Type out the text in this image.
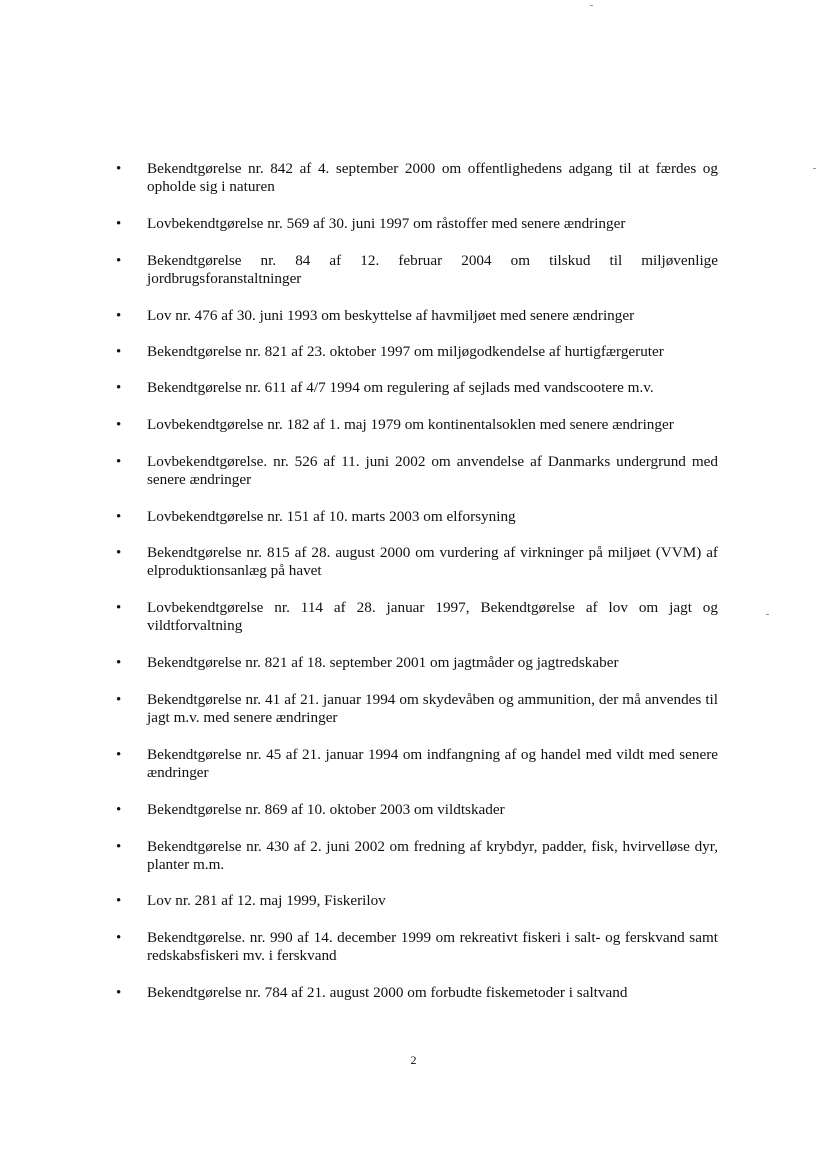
•	Bekendtgørelse nr. 842 af 4. september 2000 om offentlighedens adgang til at færdes og opholde sig i naturen
•	Lovbekendtgørelse nr. 569 af 30. juni 1997 om råstoffer med senere ændringer
•	Bekendtgørelse nr. 84 af 12. februar 2004 om tilskud til miljøvenlige jordbrugsforanstaltninger
•	Lov nr. 476 af 30. juni 1993 om beskyttelse af havmiljøet med senere ændringer
•	Bekendtgørelse nr. 821 af 23. oktober 1997 om miljøgodkendelse af hurtigfærgeruter
•	Bekendtgørelse nr. 611 af 4/7 1994 om regulering af sejlads med vandscootere m.v.
•	Lovbekendtgørelse nr. 182 af 1. maj 1979 om kontinentalsoklen med senere ændringer
•	Lovbekendtgørelse. nr. 526 af 11. juni 2002 om anvendelse af Danmarks undergrund med senere ændringer
•	Lovbekendtgørelse nr. 151 af 10. marts 2003 om elforsyning
•	Bekendtgørelse nr. 815 af 28. august 2000 om vurdering af virkninger på miljøet (VVM) af elproduktionsanlæg på havet
•	Lovbekendtgørelse nr. 114 af 28. januar 1997, Bekendtgørelse af lov om jagt og vildtforvaltning
•	Bekendtgørelse nr. 821 af 18. september 2001 om jagtmåder og jagtredskaber
•	Bekendtgørelse nr. 41 af 21. januar 1994 om skydevåben og ammunition, der må anvendes til jagt m.v. med senere ændringer
•	Bekendtgørelse nr. 45 af 21. januar 1994 om indfangning af og handel med vildt med senere ændringer
•	Bekendtgørelse nr. 869 af 10. oktober 2003 om vildtskader
•	Bekendtgørelse nr. 430 af 2. juni 2002 om fredning af krybdyr, padder, fisk, hvirvelløse dyr, planter m.m.
•	Lov nr. 281 af 12. maj 1999, Fiskerilov
•	Bekendtgørelse. nr. 990 af 14. december 1999 om rekreativt fiskeri i salt- og ferskvand samt redskabsfiskeri mv. i ferskvand
•	Bekendtgørelse nr. 784 af 21. august 2000 om forbudte fiskemetoder i saltvand
2
